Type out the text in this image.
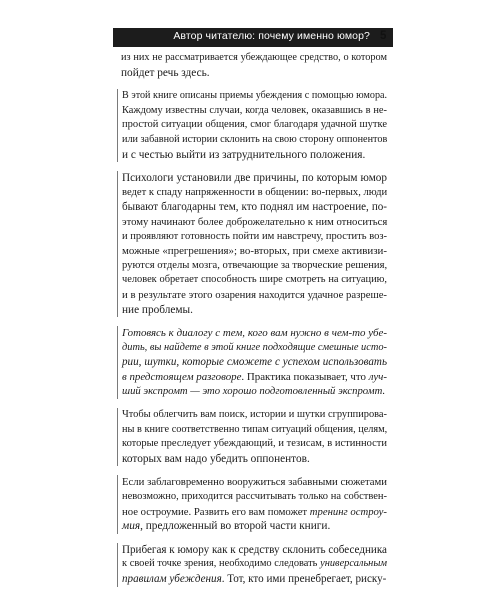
Автор читателю: почему именно юмор? 5
из них не рассматривается убеждающее средство, о котором
пойдет речь здесь.
В этой книге описаны приемы убеждения с помощью юмора.
Каждому известны случаи, когда человек, оказавшись в не-
простой ситуации общения, смог благодаря удачной шутке
или забавной истории склонить на свою сторону оппонентов
и с честью выйти из затруднительного положения.
Психологи установили две причины, по которым юмор
ведет к спаду напряженности в общении: во-первых, люди
бывают благодарны тем, кто поднял им настроение, по-
этому начинают более доброжелательно к ним относиться
и проявляют готовность пойти им навстречу, простить воз-
можные «прегрешения»; во-вторых, при смехе активизи-
руются отделы мозга, отвечающие за творческие решения,
человек обретает способность шире смотреть на ситуацию,
и в результате этого озарения находится удачное разреше-
ние проблемы.
Готовясь к диалогу с тем, кого вам нужно в чем-то убе-
дить, вы найдете в этой книге подходящие смешные исто-
рии, шутки, которые сможете с успехом использовать
в предстоящем разговоре. Практика показывает, что луч-
ший экспромт — это хорошо подготовленный экспромт.
Чтобы облегчить вам поиск, истории и шутки сгруппирова-
ны в книге соответственно типам ситуаций общения, целям,
которые преследует убеждающий, и тезисам, в истинности
которых вам надо убедить оппонентов.
Если заблаговременно вооружиться забавными сюжетами
невозможно, приходится рассчитывать только на собствен-
ное остроумие. Развить его вам поможет тренинг остроу-
мия, предложенный во второй части книги.
Прибегая к юмору как к средству склонить собеседника
к своей точке зрения, необходимо следовать универсальным
правилам убеждения. Тот, кто ими пренебрегает, риску-
